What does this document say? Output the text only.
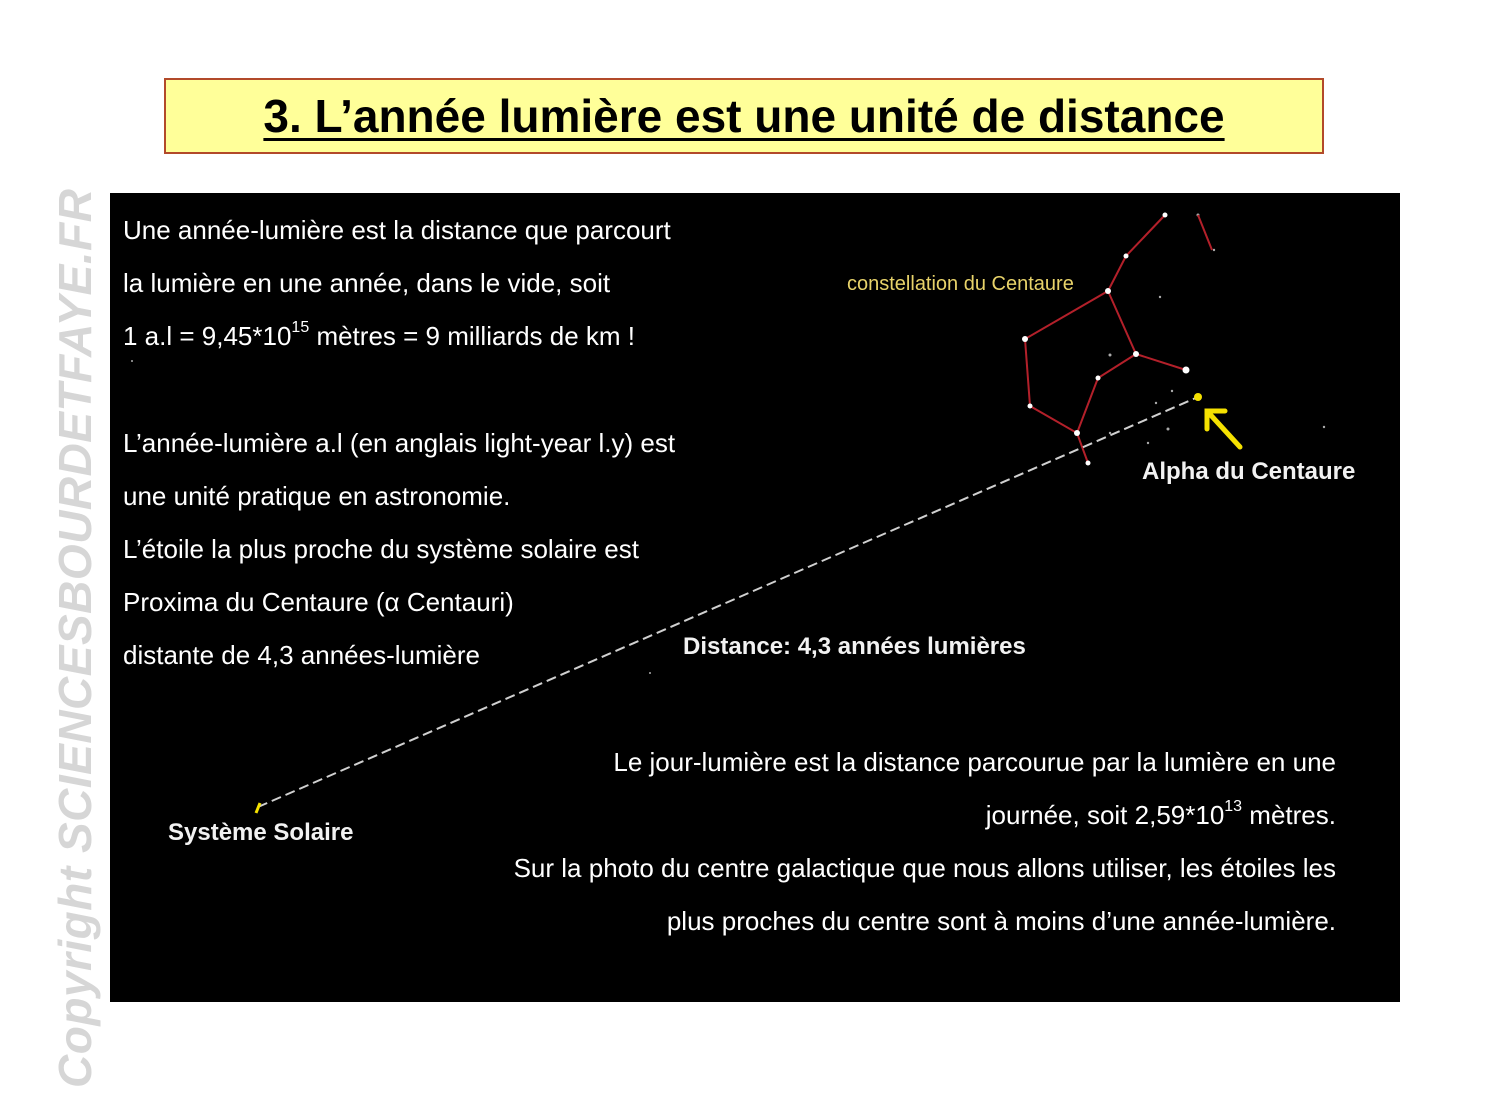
3. L’année lumière est une unité de distance
Copyright SCIENCESBOURDETFAYE.FR Une année-lumière est la distance que parcourt
la lumière en une année, dans le vide, soit
1 $a.l = 9,45*10^{15}$ mètres = 9 milliards de km !
L’année-lumière a.l (en anglais light-year l.y) est
une unité pratique en astronomie.
L’étoile la plus proche du système solaire est
Proxima du Centaure (α Centauri)
distante de 4,3 années-lumière
constellation du Centaure
Alpha du Centaure
Distance: 4,3 années lumières
Système Solaire
Le jour-lumière est la distance parcourue par la lumière en une
journée, soit $2,59*10^{13}$ mètres.
Sur la photo du centre galactique que nous allons utiliser, les étoiles les
plus proches du centre sont à moins d’une année-lumière.
